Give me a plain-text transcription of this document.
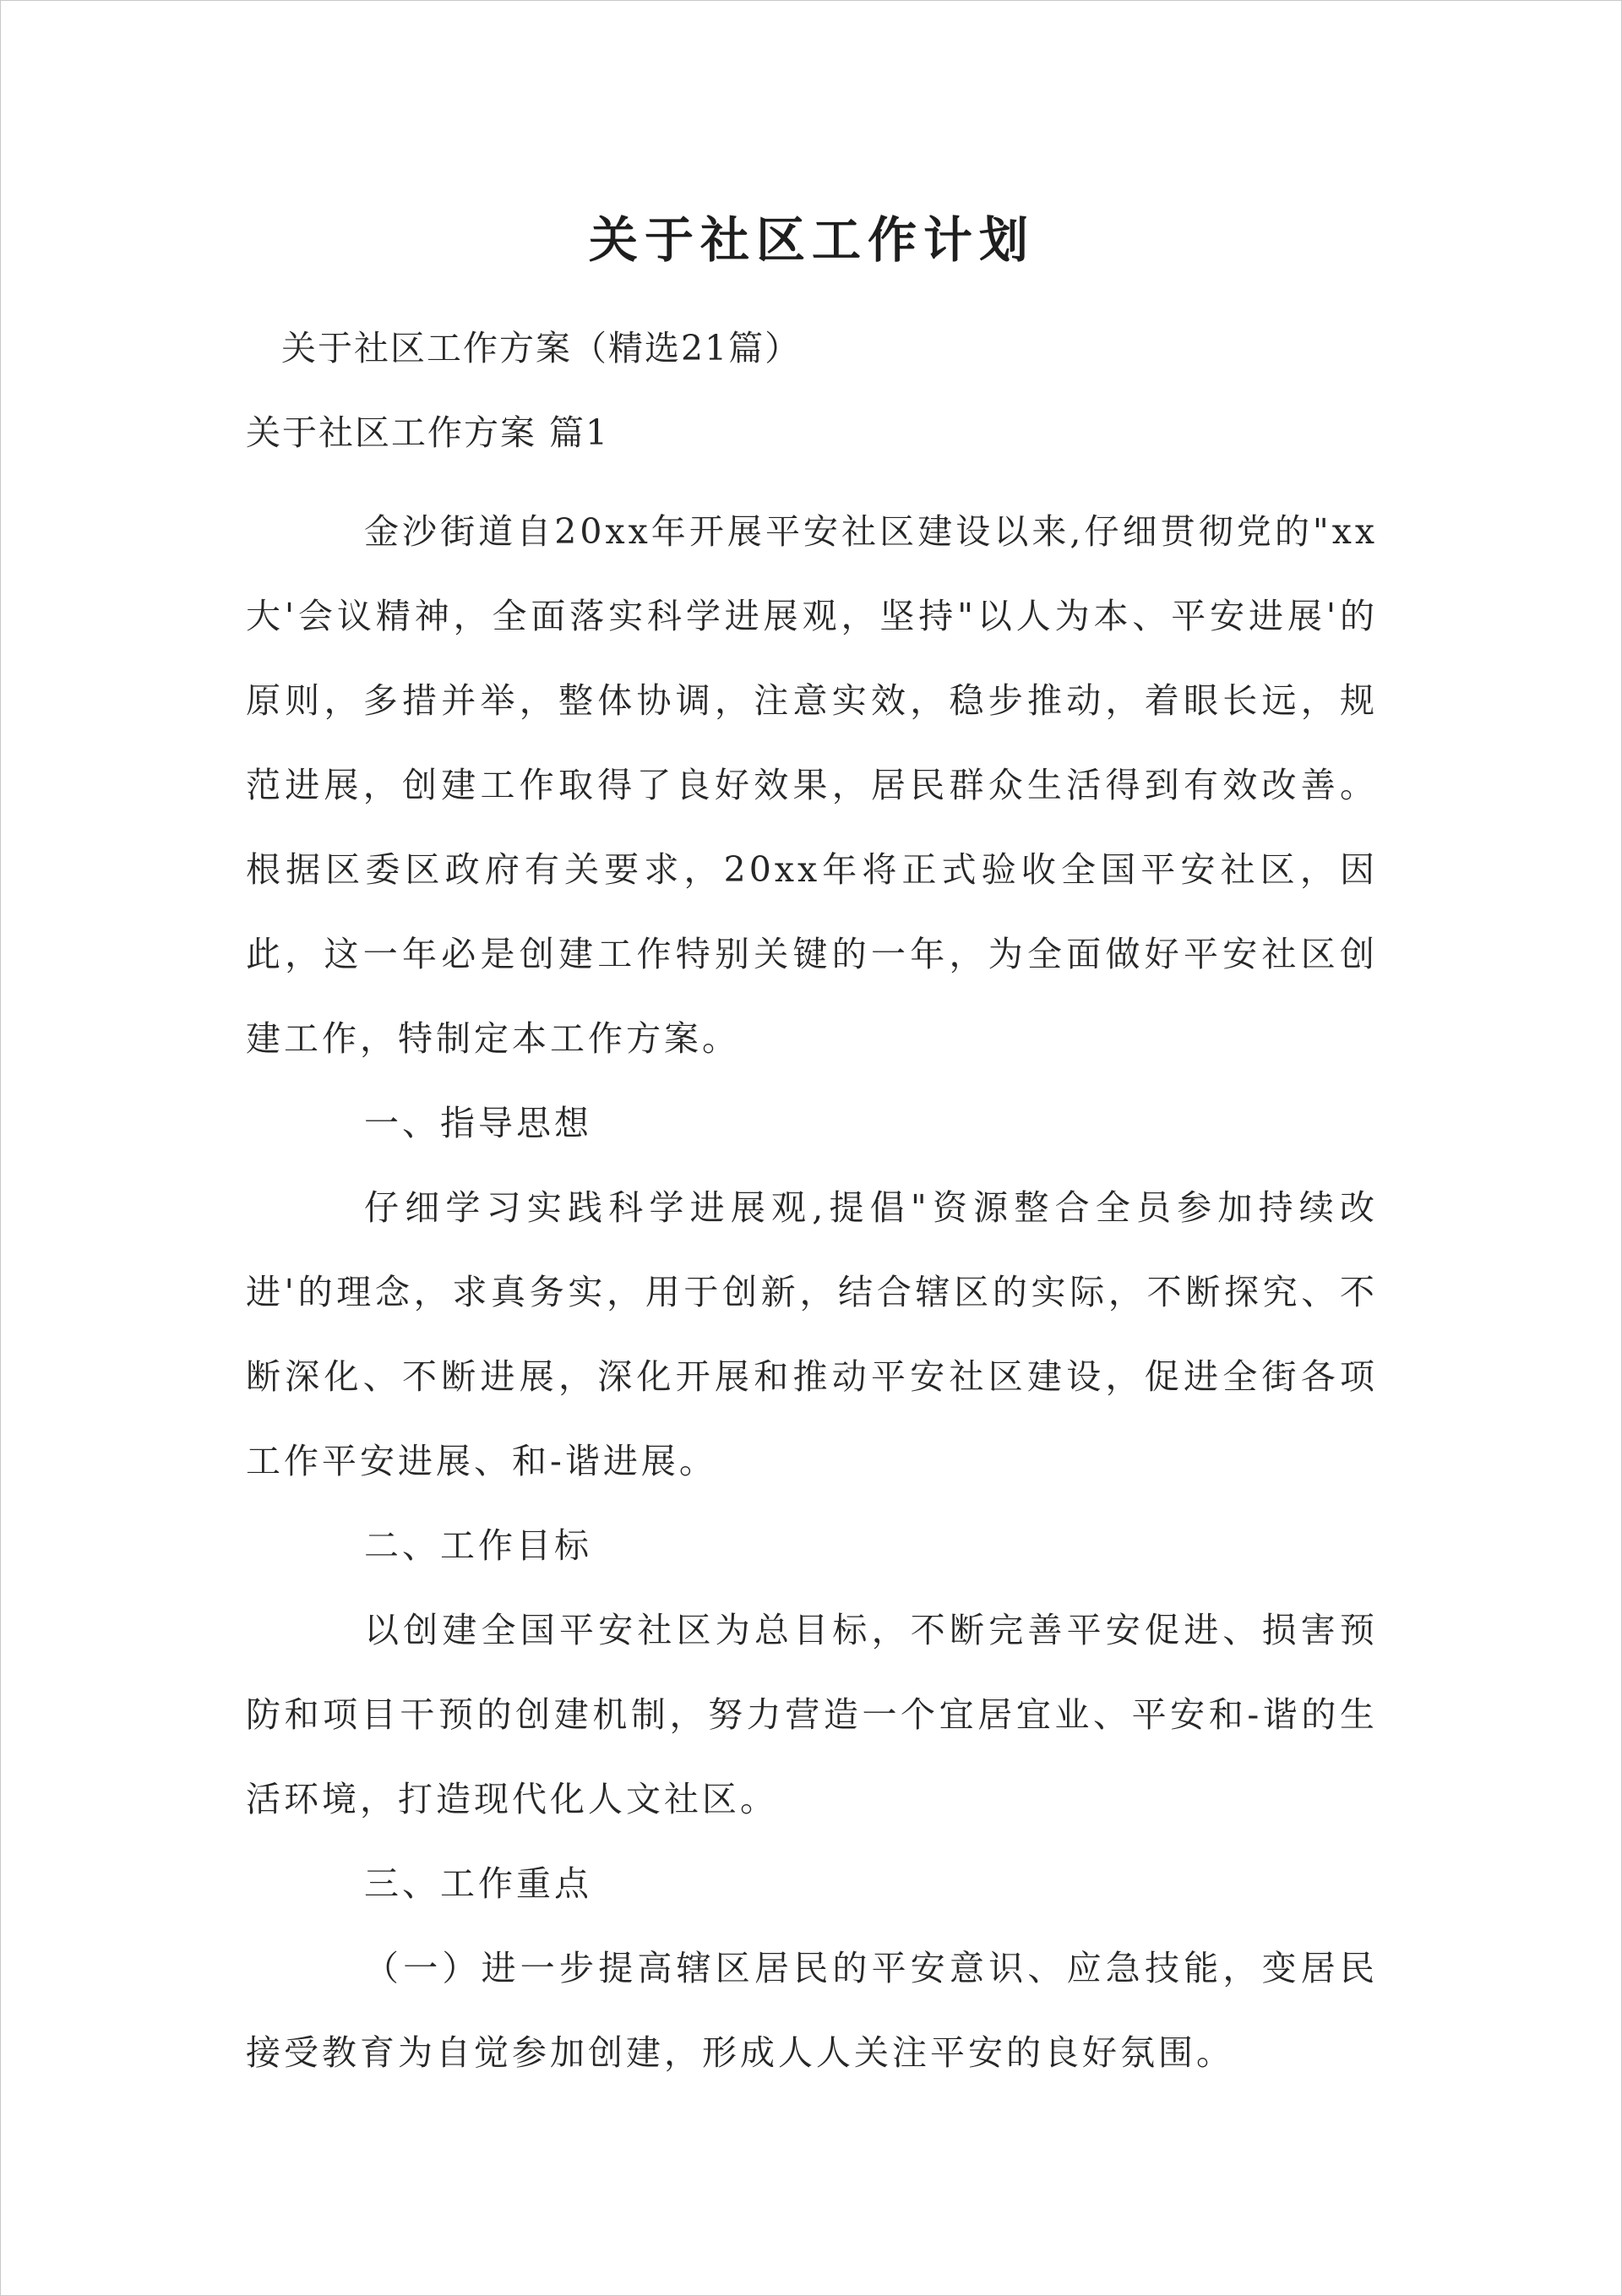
关于社区工作计划
关于社区工作方案（精选21篇）
关于社区工作方案 篇1

金沙街道自20xx年开展平安社区建设以来,仔细贯彻党的"xx大'会议精神，全面落实科学进展观，坚持"以人为本、平安进展'的原则，多措并举，整体协调，注意实效，稳步推动，着眼长远，规范进展，创建工作取得了良好效果，居民群众生活得到有效改善。根据区委区政府有关要求，20xx年将正式验收全国平安社区，因此，这一年必是创建工作特别关键的一年，为全面做好平安社区创建工作，特制定本工作方案。

一、指导思想

仔细学习实践科学进展观,提倡"资源整合全员参加持续改进'的理念，求真务实，用于创新，结合辖区的实际，不断探究、不断深化、不断进展，深化开展和推动平安社区建设，促进全街各项工作平安进展、和-谐进展。

二、工作目标

以创建全国平安社区为总目标，不断完善平安促进、损害预防和项目干预的创建机制，努力营造一个宜居宜业、平安和-谐的生活环境，打造现代化人文社区。

三、工作重点

（一）进一步提高辖区居民的平安意识、应急技能，变居民接受教育为自觉参加创建，形成人人关注平安的良好氛围。
